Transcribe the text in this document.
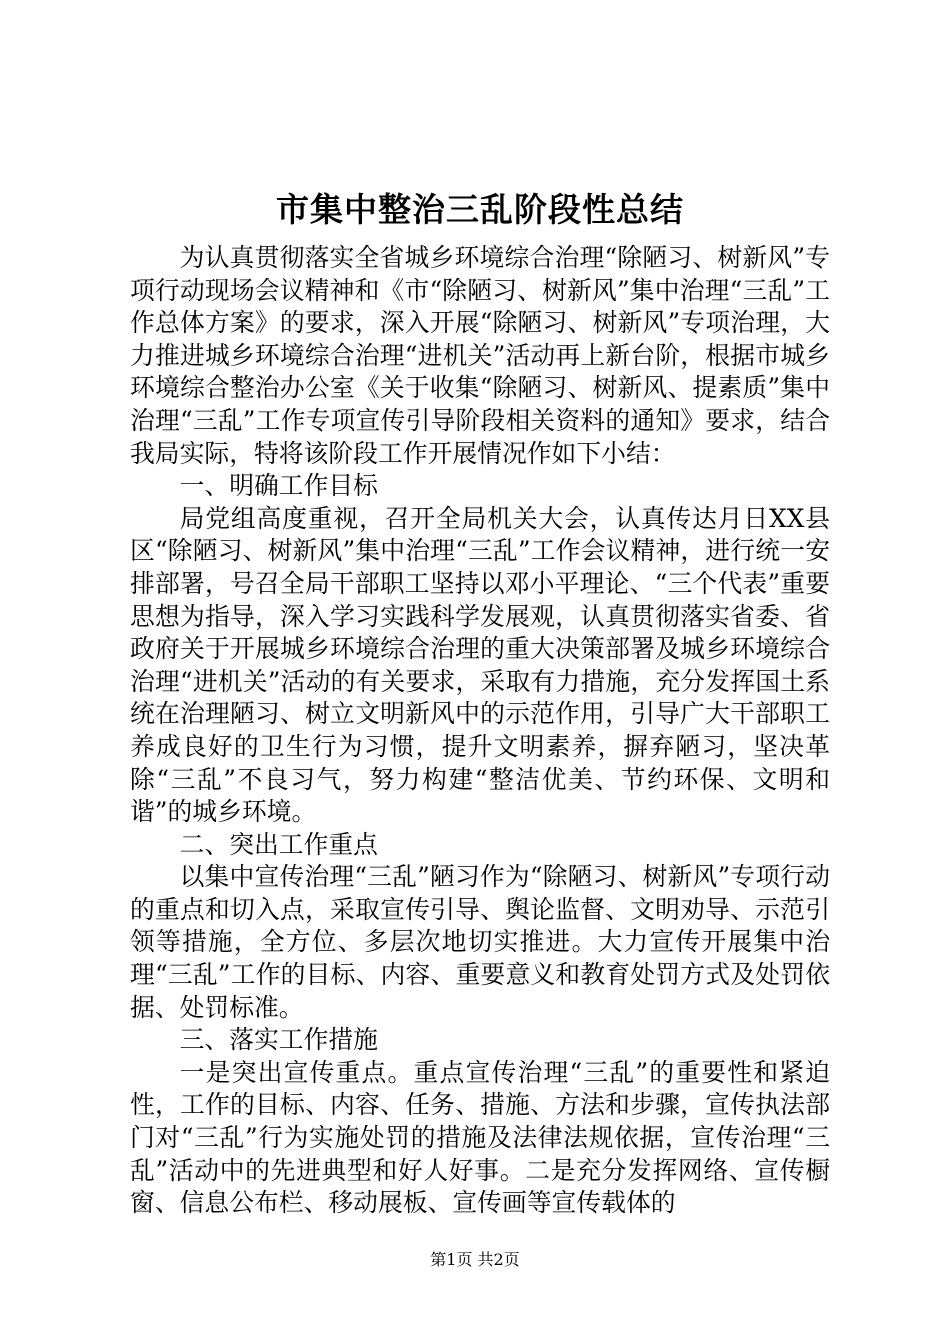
市集中整治三乱阶段性总结

为认真贯彻落实全省城乡环境综合治理“除陋习、树新风”专项行动现场会议精神和《市“除陋习、树新风”集中治理“三乱”工作总体方案》的要求，深入开展“除陋习、树新风”专项治理，大力推进城乡环境综合治理“进机关”活动再上新台阶，根据市城乡环境综合整治办公室《关于收集“除陋习、树新风、提素质”集中治理“三乱”工作专项宣传引导阶段相关资料的通知》要求，结合我局实际，特将该阶段工作开展情况作如下小结：

一、明确工作目标

局党组高度重视，召开全局机关大会，认真传达月日XX县区“除陋习、树新风”集中治理“三乱”工作会议精神，进行统一安排部署，号召全局干部职工坚持以邓小平理论、“三个代表”重要思想为指导，深入学习实践科学发展观，认真贯彻落实省委、省政府关于开展城乡环境综合治理的重大决策部署及城乡环境综合治理“进机关”活动的有关要求，采取有力措施，充分发挥国土系统在治理陋习、树立文明新风中的示范作用，引导广大干部职工养成良好的卫生行为习惯，提升文明素养，摒弃陋习，坚决革除“三乱”不良习气，努力构建“整洁优美、节约环保、文明和谐”的城乡环境。

二、突出工作重点

以集中宣传治理“三乱”陋习作为“除陋习、树新风”专项行动的重点和切入点，采取宣传引导、舆论监督、文明劝导、示范引领等措施，全方位、多层次地切实推进。大力宣传开展集中治理“三乱”工作的目标、内容、重要意义和教育处罚方式及处罚依据、处罚标准。

三、落实工作措施

一是突出宣传重点。重点宣传治理“三乱”的重要性和紧迫性，工作的目标、内容、任务、措施、方法和步骤，宣传执法部门对“三乱”行为实施处罚的措施及法律法规依据，宣传治理“三乱”活动中的先进典型和好人好事。二是充分发挥网络、宣传橱窗、信息公布栏、移动展板、宣传画等宣传载体的

第1页 共2页
